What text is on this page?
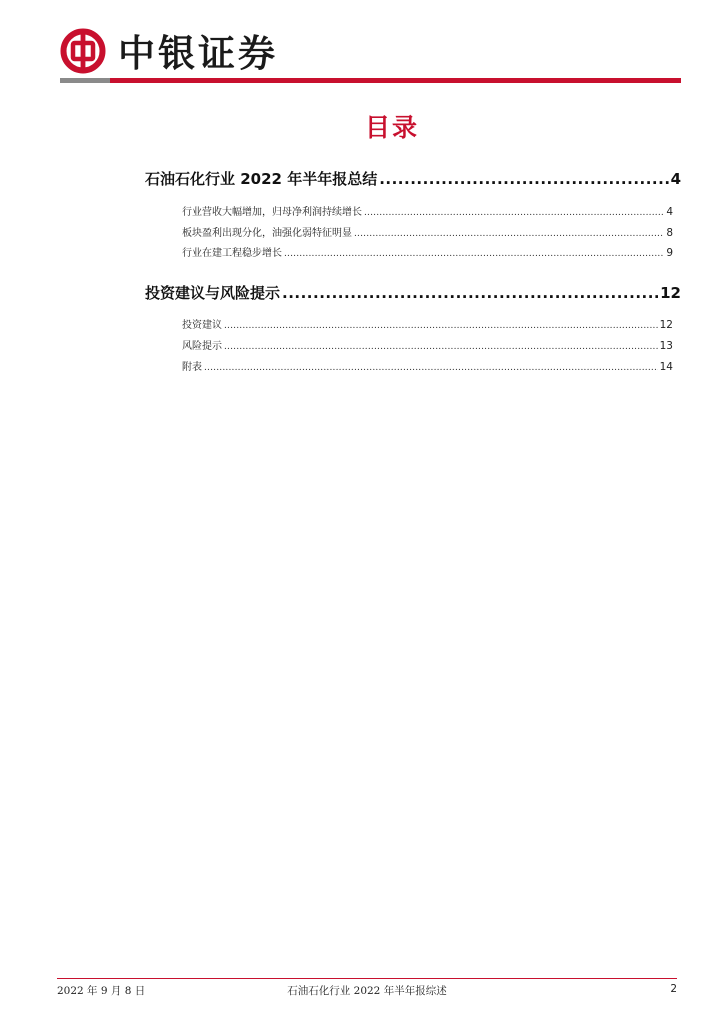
中银证券
目录
石油石化行业 2022 年半年报总结 .....	4
行业营收大幅增加，归母净利润持续增长 .....	4
板块盈利出现分化，油强化弱特征明显 .....	8
行业在建工程稳步增长 .....	9
投资建议与风险提示 .....	12
投资建议 .....	12
风险提示 .....	13
附表 .....	14
2022 年 9 月 8 日	石油石化行业 2022 年半年报综述	2
